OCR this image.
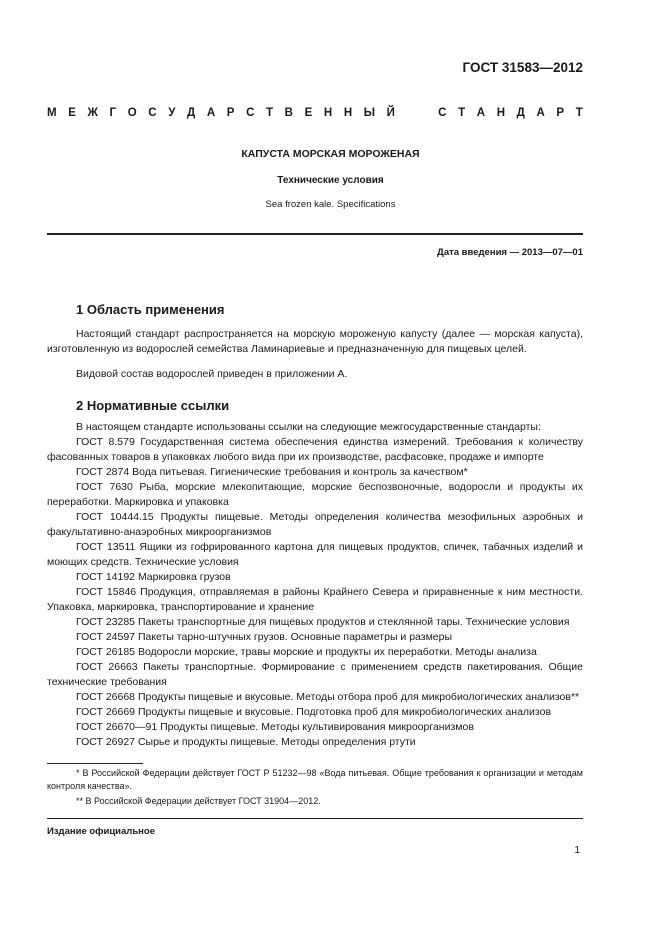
ГОСТ 31583—2012
М Е Ж Г О С У Д А Р С Т В Е Н Н Ы Й	С Т А Н Д А Р Т
КАПУСТА МОРСКАЯ МОРОЖЕНАЯ
Технические условия
Sea frozen kale. Specifications
Дата введения — 2013—07—01
1 Область применения
Настоящий стандарт распространяется на морскую мороженую капусту (далее — морская капуста), изготовленную из водорослей семейства Ламинариевые и предназначенную для пищевых целей.
Видовой состав водорослей приведен в приложении А.
2 Нормативные ссылки
В настоящем стандарте использованы ссылки на следующие межгосударственные стандарты:
ГОСТ 8.579 Государственная система обеспечения единства измерений. Требования к количеству фасованных товаров в упаковках любого вида при их производстве, расфасовке, продаже и импорте
ГОСТ 2874 Вода питьевая. Гигиенические требования и контроль за качеством*
ГОСТ 7630 Рыба, морские млекопитающие, морские беспозвоночные, водоросли и продукты их переработки. Маркировка и упаковка
ГОСТ 10444.15 Продукты пищевые. Методы определения количества мезофильных аэробных и факультативно-анаэробных микроорганизмов
ГОСТ 13511 Ящики из гофрированного картона для пищевых продуктов, спичек, табачных изделий и моющих средств. Технические условия
ГОСТ 14192 Маркировка грузов
ГОСТ 15846 Продукция, отправляемая в районы Крайнего Севера и приравненные к ним местности. Упаковка, маркировка, транспортирование и хранение
ГОСТ 23285 Пакеты транспортные для пищевых продуктов и стеклянной тары. Технические условия
ГОСТ 24597 Пакеты тарно-штучных грузов. Основные параметры и размеры
ГОСТ 26185 Водоросли морские, травы морские и продукты их переработки. Методы анализа
ГОСТ 26663 Пакеты транспортные. Формирование с применением средств пакетирования. Общие технические требования
ГОСТ 26668 Продукты пищевые и вкусовые. Методы отбора проб для микробиологических анализов**
ГОСТ 26669 Продукты пищевые и вкусовые. Подготовка проб для микробиологических анализов
ГОСТ 26670—91 Продукты пищевые. Методы культивирования микроорганизмов
ГОСТ 26927 Сырье и продукты пищевые. Методы определения ртути
* В Российской Федерации действует ГОСТ Р 51232—98 «Вода питьевая. Общие требования к организации и методам контроля качества».
** В Российской Федерации действует ГОСТ 31904—2012.
Издание официальное
1
